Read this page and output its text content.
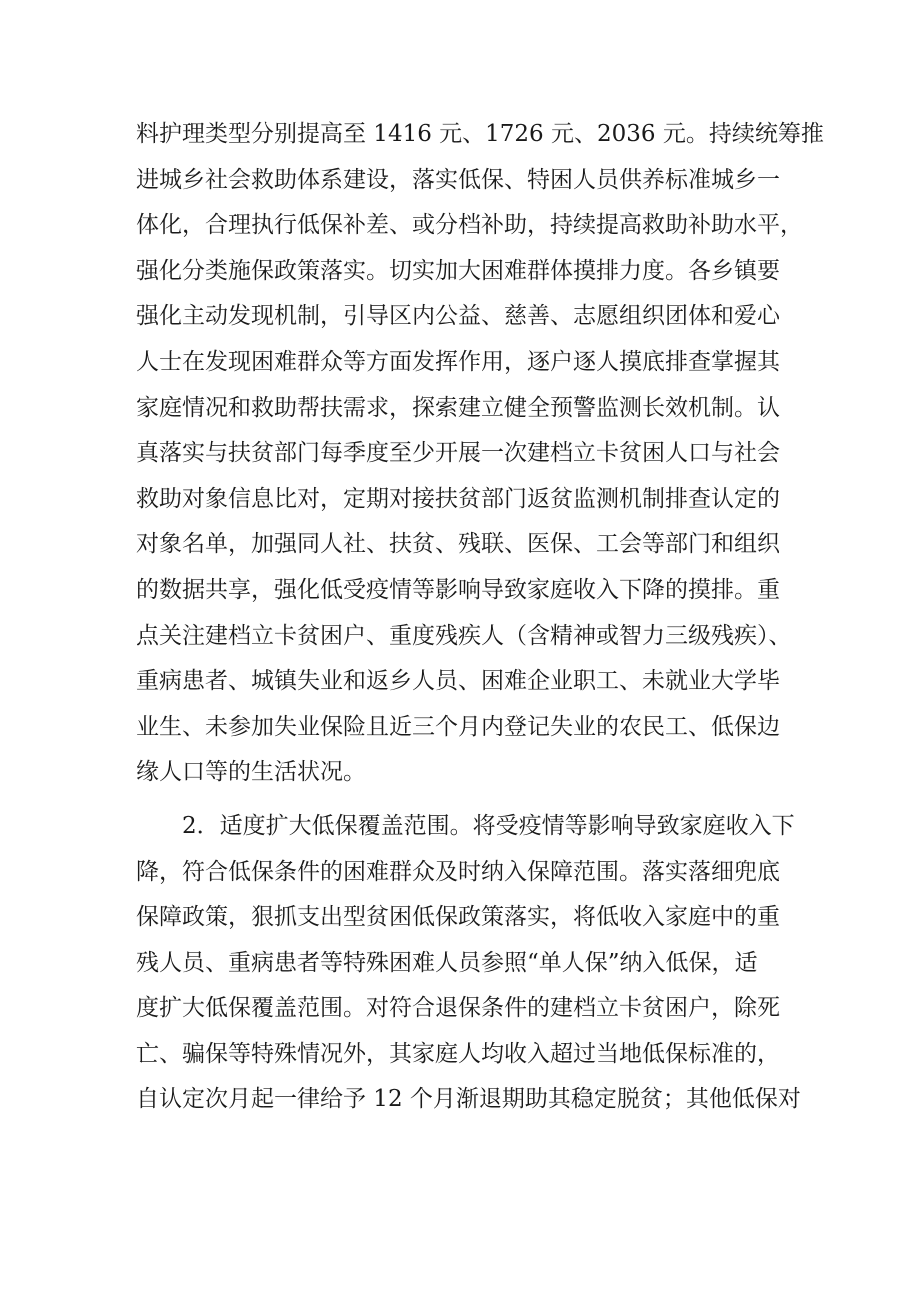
料护理类型分别提高至 1416 元、1726 元、2036 元。持续统筹推
进城乡社会救助体系建设，落实低保、特困人员供养标准城乡一
体化，合理执行低保补差、或分档补助，持续提高救助补助水平，
强化分类施保政策落实。切实加大困难群体摸排力度。各乡镇要
强化主动发现机制，引导区内公益、慈善、志愿组织团体和爱心
人士在发现困难群众等方面发挥作用，逐户逐人摸底排查掌握其
家庭情况和救助帮扶需求，探索建立健全预警监测长效机制。认
真落实与扶贫部门每季度至少开展一次建档立卡贫困人口与社会
救助对象信息比对，定期对接扶贫部门返贫监测机制排查认定的
对象名单，加强同人社、扶贫、残联、医保、工会等部门和组织
的数据共享，强化低受疫情等影响导致家庭收入下降的摸排。重
点关注建档立卡贫困户、重度残疾人（含精神或智力三级残疾）、
重病患者、城镇失业和返乡人员、困难企业职工、未就业大学毕
业生、未参加失业保险且近三个月内登记失业的农民工、低保边
缘人口等的生活状况。
　　2．适度扩大低保覆盖范围。将受疫情等影响导致家庭收入下
降，符合低保条件的困难群众及时纳入保障范围。落实落细兜底
保障政策，狠抓支出型贫困低保政策落实，将低收入家庭中的重
残人员、重病患者等特殊困难人员参照“单人保”纳入低保，适
度扩大低保覆盖范围。对符合退保条件的建档立卡贫困户，除死
亡、骗保等特殊情况外，其家庭人均收入超过当地低保标准的，
自认定次月起一律给予 12 个月渐退期助其稳定脱贫；其他低保对
